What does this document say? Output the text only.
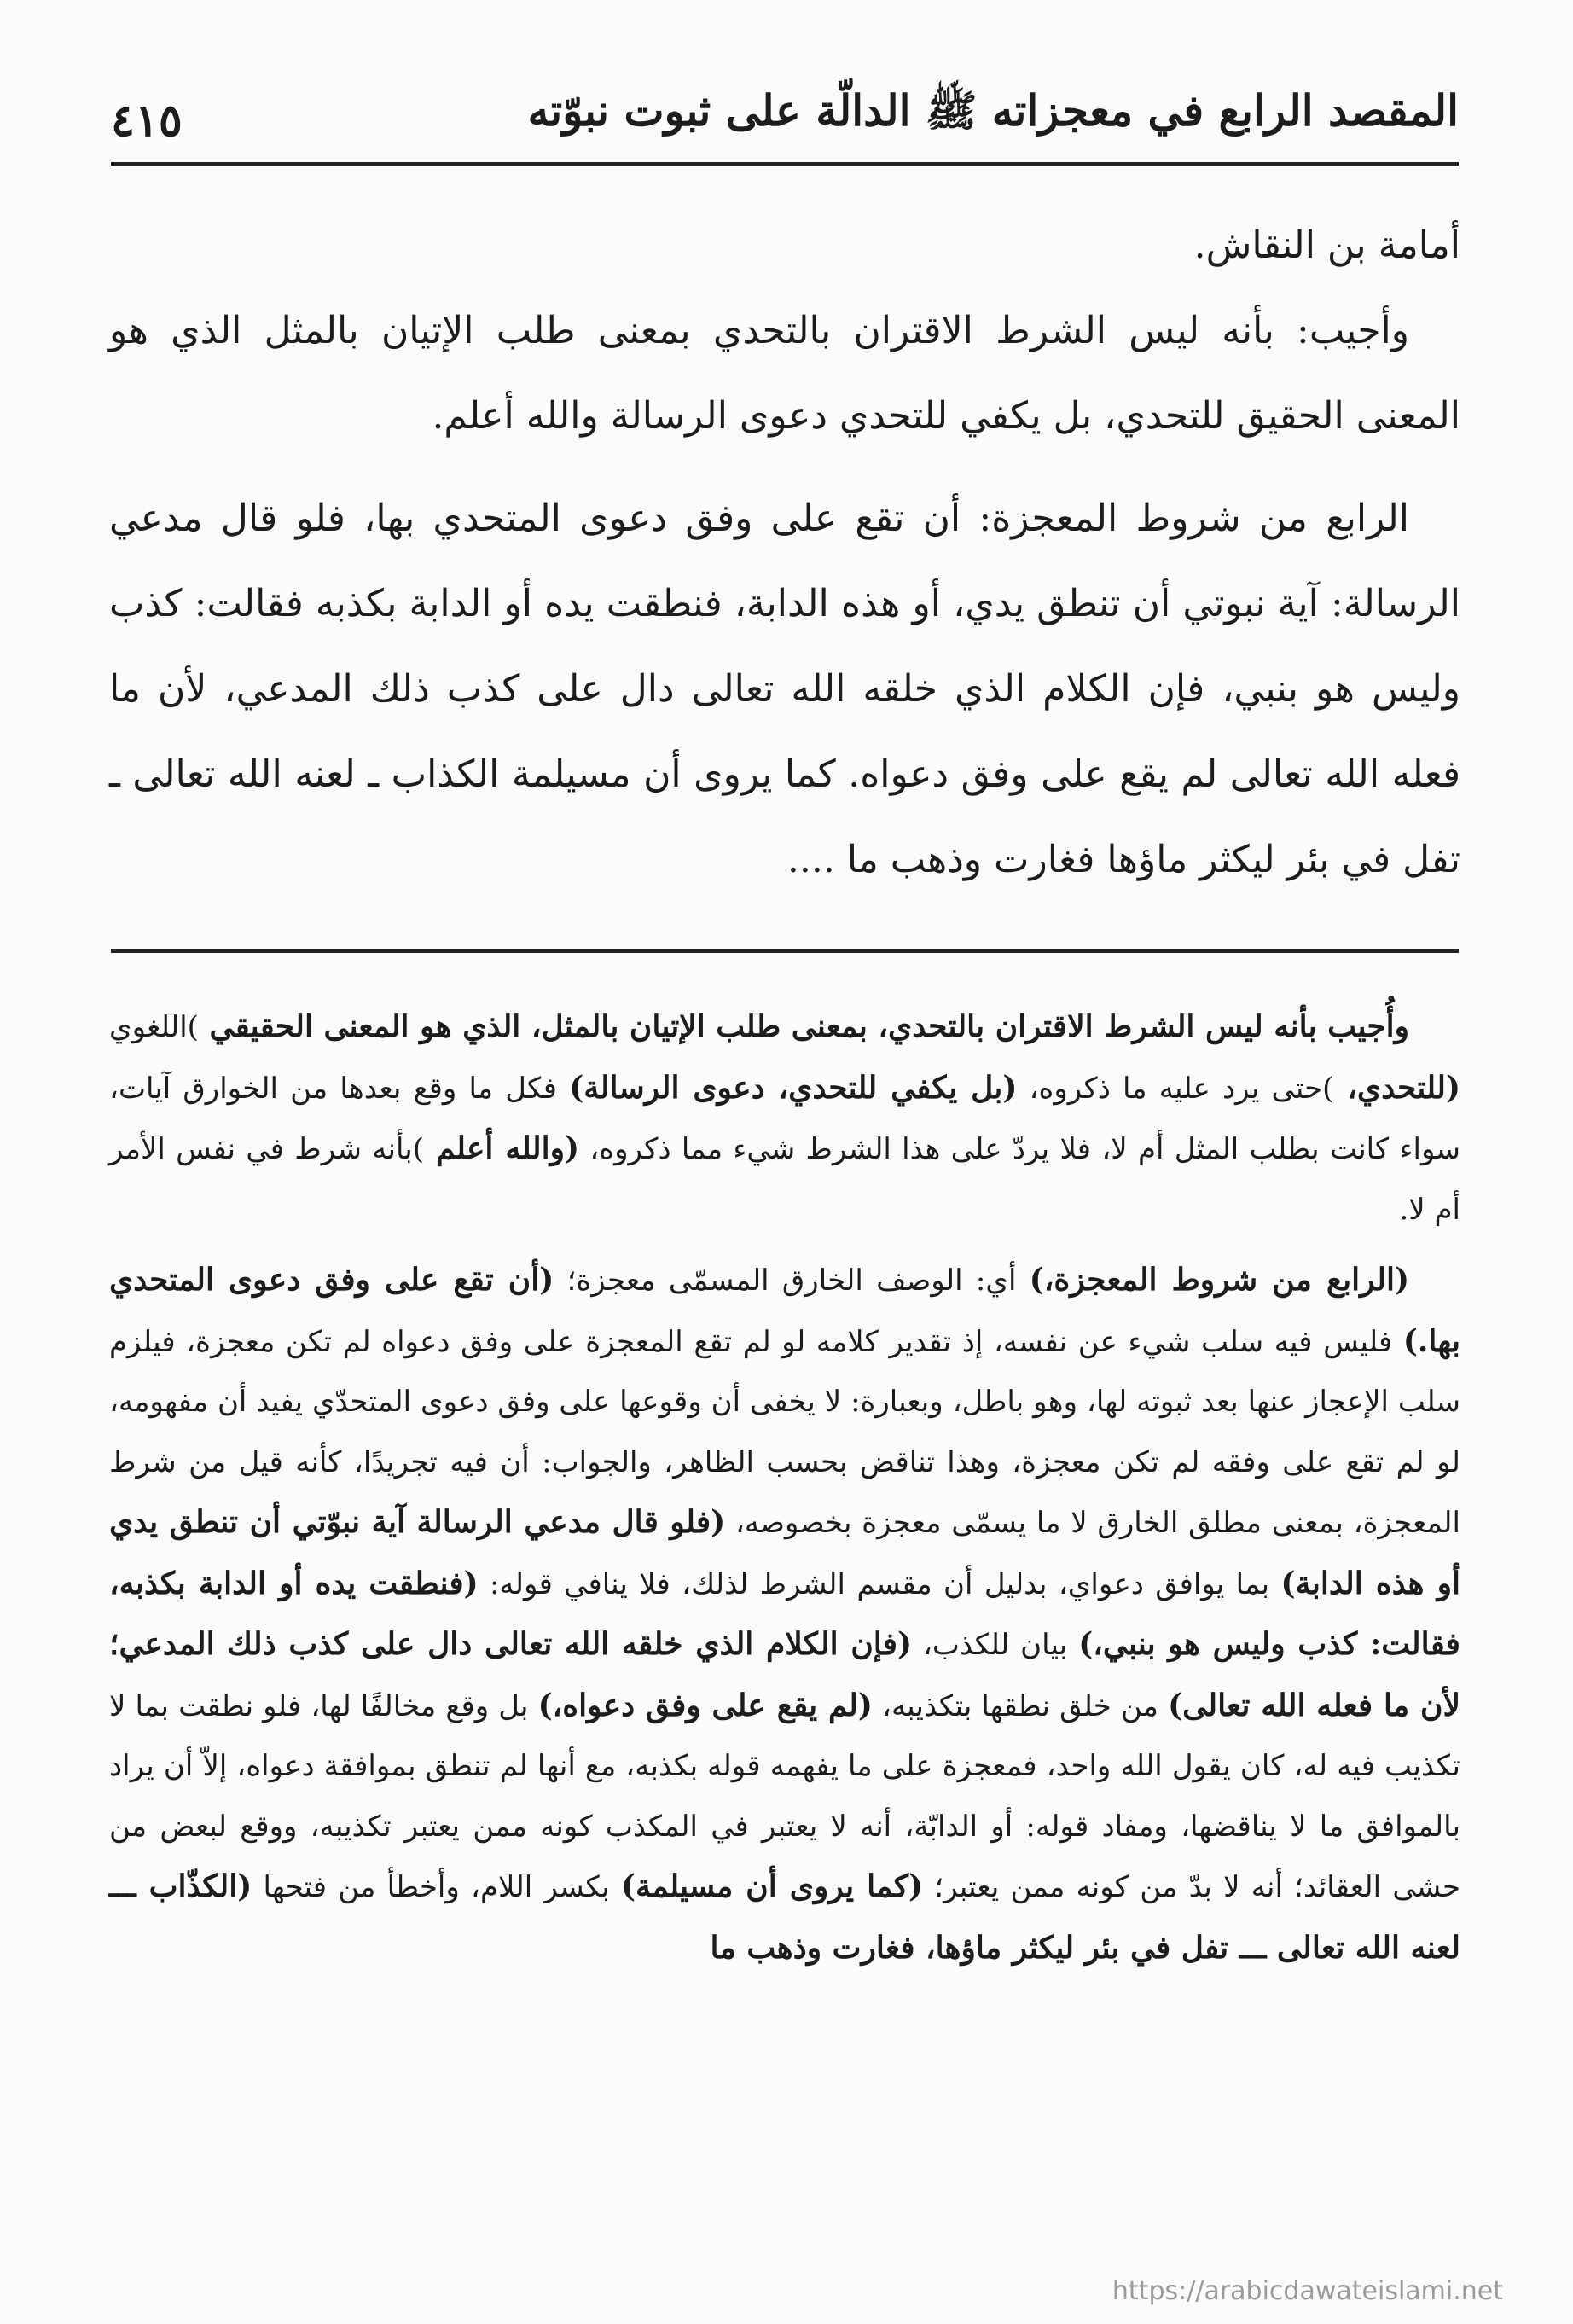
المقصد الرابع في معجزاته ﷺ الدالّة على ثبوت نبوّته
٤١٥

أمامة بن النقاش.

وأجيب: بأنه ليس الشرط الاقتران بالتحدي بمعنى طلب الإتيان بالمثل الذي هو المعنى الحقيق للتحدي، بل يكفي للتحدي دعوى الرسالة والله أعلم.

الرابع من شروط المعجزة: أن تقع على وفق دعوى المتحدي بها، فلو قال مدعي الرسالة: آية نبوتي أن تنطق يدي، أو هذه الدابة، فنطقت يده أو الدابة بكذبه فقالت: كذب وليس هو بنبي، فإن الكلام الذي خلقه الله تعالى دال على كذب ذلك المدعي، لأن ما فعله الله تعالى لم يقع على وفق دعواه. كما يروى أن مسيلمة الكذاب ـ لعنه الله تعالى ـ تفل في بئر ليكثر ماؤها فغارت وذهب ما ....

وأُجيب بأنه ليس الشرط الاقتران بالتحدي، بمعنى طلب الإتيان بالمثل، الذي هو المعنى الحقيقي )اللغوي (للتحدي، )حتى يرد عليه ما ذكروه، (بل يكفي للتحدي، دعوى الرسالة) فكل ما وقع بعدها من الخوارق آيات، سواء كانت بطلب المثل أم لا، فلا يردّ على هذا الشرط شيء مما ذكروه، (والله أعلم )بأنه شرط في نفس الأمر أم لا.

(الرابع من شروط المعجزة،) أي: الوصف الخارق المسمّى معجزة؛ (أن تقع على وفق دعوى المتحدي بها.) فليس فيه سلب شيء عن نفسه، إذ تقدير كلامه لو لم تقع المعجزة على وفق دعواه لم تكن معجزة، فيلزم سلب الإعجاز عنها بعد ثبوته لها، وهو باطل، وبعبارة: لا يخفى أن وقوعها على وفق دعوى المتحدّي يفيد أن مفهومه، لو لم تقع على وفقه لم تكن معجزة، وهذا تناقض بحسب الظاهر، والجواب: أن فيه تجريدًا، كأنه قيل من شرط المعجزة، بمعنى مطلق الخارق لا ما يسمّى معجزة بخصوصه، (فلو قال مدعي الرسالة آية نبوّتي أن تنطق يدي أو هذه الدابة) بما يوافق دعواي، بدليل أن مقسم الشرط لذلك، فلا ينافي قوله: (فنطقت يده أو الدابة بكذبه، فقالت: كذب وليس هو بنبي،) بيان للكذب، (فإن الكلام الذي خلقه الله تعالى دال على كذب ذلك المدعي؛ لأن ما فعله الله تعالى) من خلق نطقها بتكذيبه، (لم يقع على وفق دعواه،) بل وقع مخالفًا لها، فلو نطقت بما لا تكذيب فيه له، كان يقول الله واحد، فمعجزة على ما يفهمه قوله بكذبه، مع أنها لم تنطق بموافقة دعواه، إلاّ أن يراد بالموافق ما لا يناقضها، ومفاد قوله: أو الدابّة، أنه لا يعتبر في المكذب كونه ممن يعتبر تكذيبه، ووقع لبعض من حشى العقائد؛ أنه لا بدّ من كونه ممن يعتبر؛ (كما يروى أن مسيلمة) بكسر اللام، وأخطأ من فتحها (الكذّاب ـــ لعنه الله تعالى ـــ تفل في بئر ليكثر ماؤها، فغارت وذهب ما

https://arabicdawateislami.net
